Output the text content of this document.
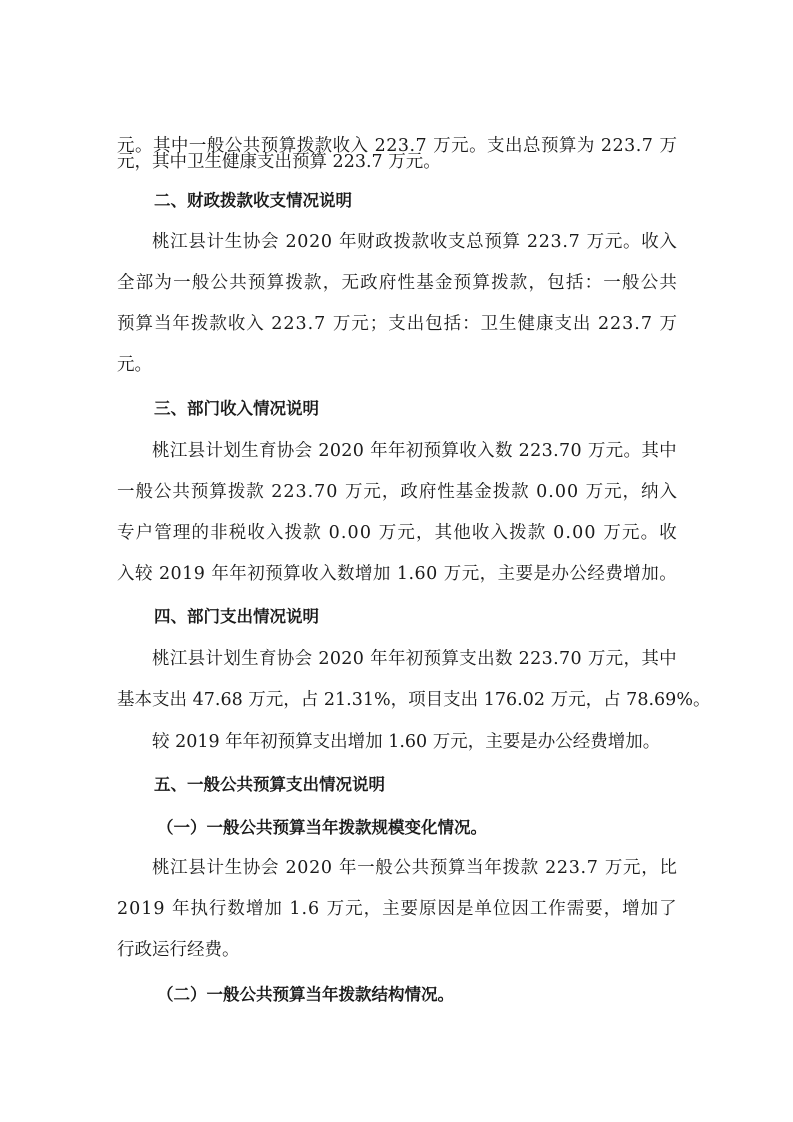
元 。 其 中 一 般 公 共 预 算 拨 款 收 入
2 2 3 . 7
万 元 。 支 出 总 预 算 为
2 2 3 . 7
万
元，其中卫生健康支出预算 223.7 万元。
二、财政拨款收支情况说明
桃 江 县 计 生 协 会
2 0 2 0
年 财 政 拨 款 收 支 总 预 算
2 2 3 . 7
万 元 。 收 入
全 部 为 一 般 公 共 预 算 拨 款 ， 无 政 府 性 基 金 预 算 拨 款 ， 包 括 ： 一 般 公 共
预 算 当 年 拨 款 收 入
2 2 3 . 7
万 元 ； 支 出 包 括 ： 卫 生 健 康 支 出
2 2 3 . 7
万
元。
三、部门收入情况说明
桃 江 县 计 划 生 育 协 会
2 0 2 0
年 年 初 预 算 收 入 数
2 2 3 . 7 0
万 元 。 其 中
一 般 公 共 预 算 拨 款
2 2 3 . 7 0
万 元 ， 政 府 性 基 金 拨 款
0 . 0 0
万 元 ， 纳 入
专 户 管 理 的 非 税 收 入 拨 款
0 . 0 0
万 元 ， 其 他 收 入 拨 款
0 . 0 0
万 元 。 收
入 较
2 0 1 9
年 年 初 预 算 收 入 数 增 加
1 . 6 0
万 元 ， 主 要 是 办 公 经 费 增 加 。
四、部门支出情况说明
桃 江 县 计 划 生 育 协 会
2 0 2 0
年 年 初 预 算 支 出 数
2 2 3 . 7 0
万 元 ， 其 中
基 本 支 出
4 7 . 6 8
万 元 ， 占
2 1 . 3 1 % ， 项 目 支 出
1 7 6 . 0 2
万 元 ， 占
7 8 . 6 9 % 。
较 2019 年年初预算支出增加 1.60 万元，主要是办公经费增加。
五、一般公共预算支出情况说明
（一）一般公共预算当年拨款规模变化情况。
桃 江 县 计 生 协 会
2 0 2 0
年 一 般 公 共 预 算 当 年 拨 款
2 2 3 . 7
万 元 ， 比
2 0 1 9
年 执 行 数 增 加
1 . 6
万 元 ， 主 要 原 因 是 单 位 因 工 作 需 要 ， 增 加 了
行政运行经费。
（二）一般公共预算当年拨款结构情况。
